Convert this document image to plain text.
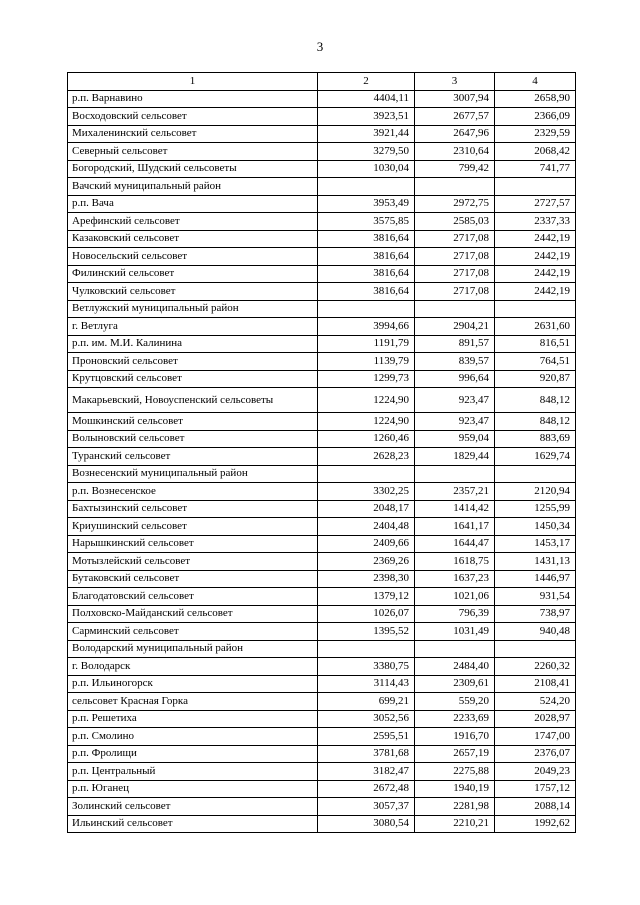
3
1	2	3	4
р.п. Варнавино	4404,11	3007,94	2658,90
Восходовский сельсовет	3923,51	2677,57	2366,09
Михаленинский сельсовет	3921,44	2647,96	2329,59
Северный сельсовет	3279,50	2310,64	2068,42
Богородский, Шудский сельсоветы	1030,04	799,42	741,77
Вачский муниципальный район			
р.п. Вача	3953,49	2972,75	2727,57
Арефинский сельсовет	3575,85	2585,03	2337,33
Казаковский сельсовет	3816,64	2717,08	2442,19
Новосельский сельсовет	3816,64	2717,08	2442,19
Филинский сельсовет	3816,64	2717,08	2442,19
Чулковский сельсовет	3816,64	2717,08	2442,19
Ветлужский муниципальный район			
г. Ветлуга	3994,66	2904,21	2631,60
р.п. им. М.И. Калинина	1191,79	891,57	816,51
Проновский сельсовет	1139,79	839,57	764,51
Крутцовский сельсовет	1299,73	996,64	920,87
Макарьевский, Новоуспенский сельсоветы	1224,90	923,47	848,12
Мошкинский сельсовет	1224,90	923,47	848,12
Волыновский сельсовет	1260,46	959,04	883,69
Туранский сельсовет	2628,23	1829,44	1629,74
Вознесенский муниципальный район			
р.п. Вознесенское	3302,25	2357,21	2120,94
Бахтызинский сельсовет	2048,17	1414,42	1255,99
Криушинский сельсовет	2404,48	1641,17	1450,34
Нарышкинский сельсовет	2409,66	1644,47	1453,17
Мотызлейский сельсовет	2369,26	1618,75	1431,13
Бутаковский сельсовет	2398,30	1637,23	1446,97
Благодатовский сельсовет	1379,12	1021,06	931,54
Полховско-Майданский сельсовет	1026,07	796,39	738,97
Сарминский сельсовет	1395,52	1031,49	940,48
Володарский муниципальный район			
г. Володарск	3380,75	2484,40	2260,32
р.п. Ильиногорск	3114,43	2309,61	2108,41
сельсовет Красная Горка	699,21	559,20	524,20
р.п. Решетиха	3052,56	2233,69	2028,97
р.п. Смолино	2595,51	1916,70	1747,00
р.п. Фролищи	3781,68	2657,19	2376,07
р.п. Центральный	3182,47	2275,88	2049,23
р.п. Юганец	2672,48	1940,19	1757,12
Золинский сельсовет	3057,37	2281,98	2088,14
Ильинский сельсовет	3080,54	2210,21	1992,62
